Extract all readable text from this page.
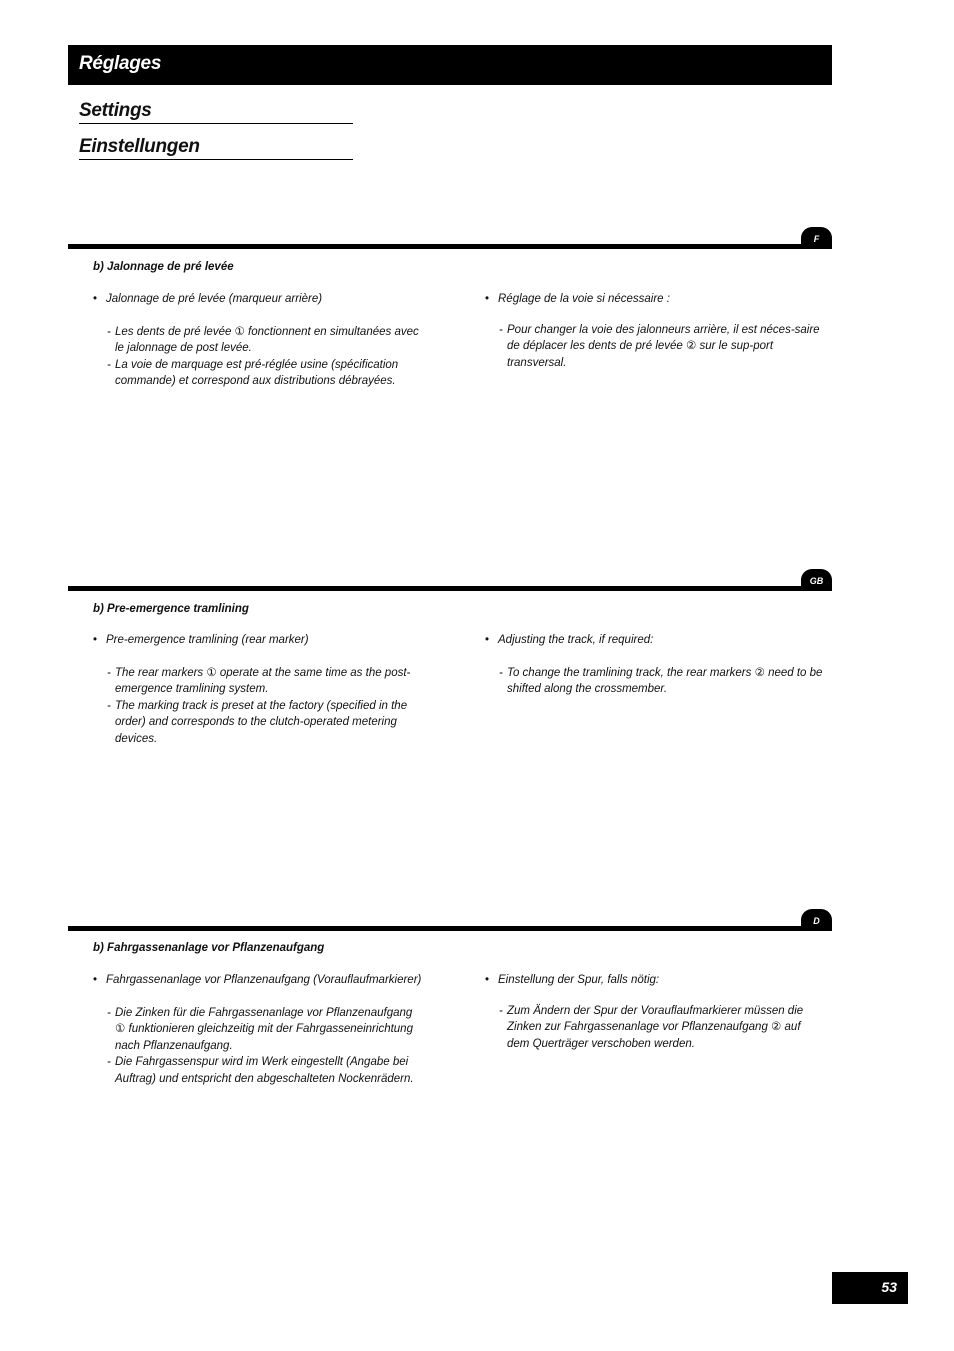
Réglages
Settings
Einstellungen
F
b) Jalonnage de pré levée
• Jalonnage de pré levée (marqueur arrière)
- Les dents de pré levée ① fonctionnent en simultanées avec le jalonnage de post levée.
- La voie de marquage est pré-réglée usine (spécification commande) et correspond aux distributions débrayées.
• Réglage de la voie si nécessaire :
- Pour changer la voie des jalonneurs arrière, il est néces-saire de déplacer les dents de pré levée ② sur le sup-port transversal.
GB
b) Pre-emergence tramlining
• Pre-emergence tramlining (rear marker)
- The rear markers ① operate at the same time as the post-emergence tramlining system.
- The marking track is preset at the factory (specified in the order) and corresponds to the clutch-operated metering devices.
• Adjusting the track, if required:
- To change the tramlining track, the rear markers ② need to be shifted along the crossmember.
D
b) Fahrgassenanlage vor Pflanzenaufgang
• Fahrgassenanlage vor Pflanzenaufgang (Vorauflaufmarkierer)
- Die Zinken für die Fahrgassenanlage vor Pflanzenaufgang ① funktionieren gleichzeitig mit der Fahrgasseneinrichtung nach Pflanzenaufgang.
- Die Fahrgassenspur wird im Werk eingestellt (Angabe bei Auftrag) und entspricht den abgeschalteten Nockenrädern.
• Einstellung der Spur, falls nötig:
- Zum Ändern der Spur der Vorauflaufmarkierer müssen die Zinken zur Fahrgassenanlage vor Pflanzenaufgang ② auf dem Querträger verschoben werden.
53
